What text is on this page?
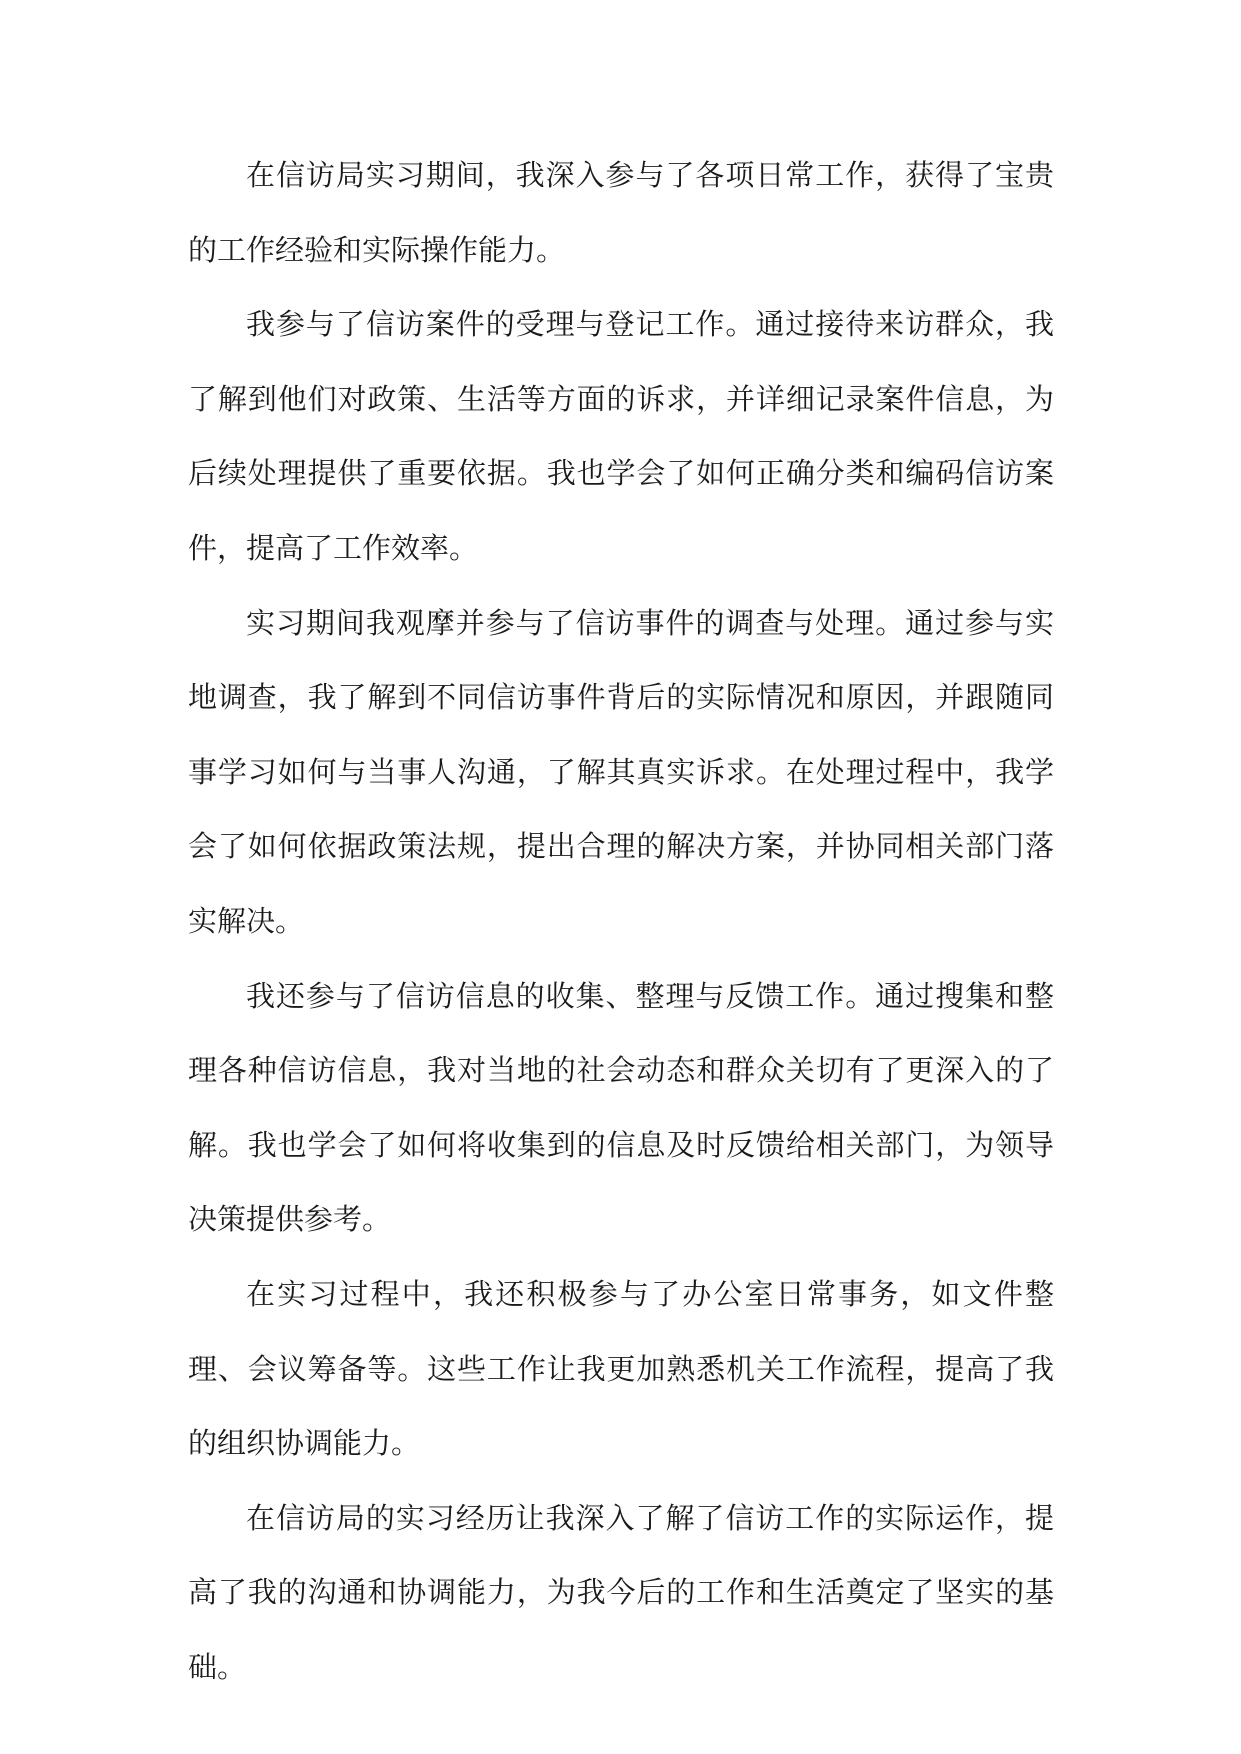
在信访局实习期间，我深入参与了各项日常工作，获得了宝贵的工作经验和实际操作能力。

我参与了信访案件的受理与登记工作。通过接待来访群众，我了解到他们对政策、生活等方面的诉求，并详细记录案件信息，为后续处理提供了重要依据。我也学会了如何正确分类和编码信访案件，提高了工作效率。

实习期间我观摩并参与了信访事件的调查与处理。通过参与实地调查，我了解到不同信访事件背后的实际情况和原因，并跟随同事学习如何与当事人沟通，了解其真实诉求。在处理过程中，我学会了如何依据政策法规，提出合理的解决方案，并协同相关部门落实解决。

我还参与了信访信息的收集、整理与反馈工作。通过搜集和整理各种信访信息，我对当地的社会动态和群众关切有了更深入的了解。我也学会了如何将收集到的信息及时反馈给相关部门，为领导决策提供参考。

在实习过程中，我还积极参与了办公室日常事务，如文件整理、会议筹备等。这些工作让我更加熟悉机关工作流程，提高了我的组织协调能力。

在信访局的实习经历让我深入了解了信访工作的实际运作，提高了我的沟通和协调能力，为我今后的工作和生活奠定了坚实的基础。
